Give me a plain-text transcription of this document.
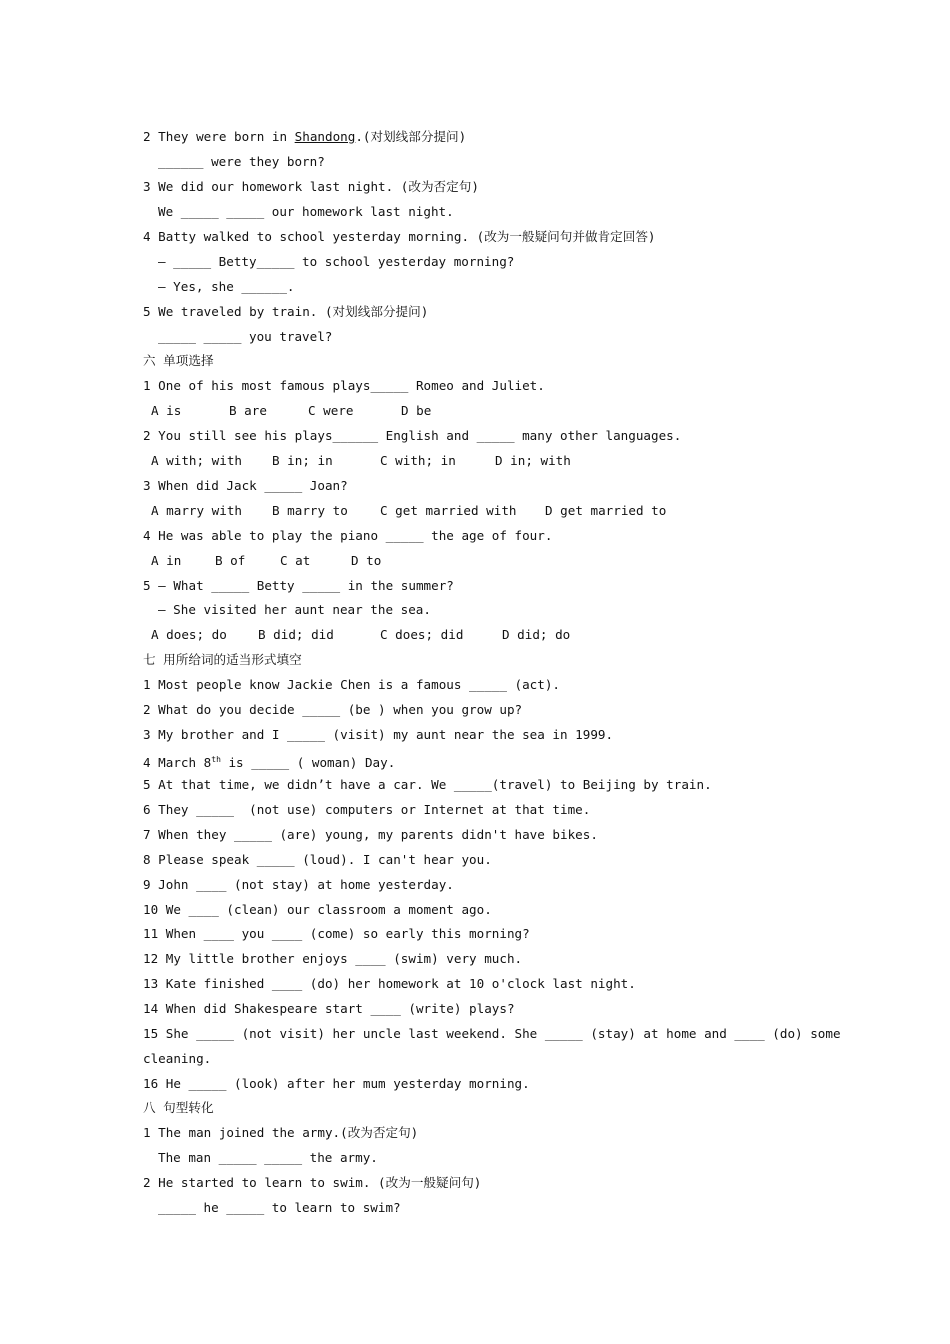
2 They were born in Shandong.(对划线部分提问)
______ were they born?
3 We did our homework last night. (改为否定句)
We _____ _____ our homework last night.
4 Batty walked to school yesterday morning. (改为一般疑问句并做肯定回答)
— _____ Betty_____ to school yesterday morning?
— Yes, she ______.
5 We traveled by train. (对划线部分提问)
_____ _____ you travel?
六 单项选择
1 One of his most famous plays_____ Romeo and Juliet.
A is	B are	C were	D be
2 You still see his plays______ English and _____ many other languages.
A with; with B in; in	C with; in	D in; with
3 When did Jack _____ Joan?
A marry with B marry to	C get married with D get married to
4 He was able to play the piano _____ the age of four.
A in	B of	C at	D to
5 — What _____ Betty _____ in the summer?
— She visited her aunt near the sea.
A does; do B did; did	C does; did	D did; do
七 用所给词的适当形式填空
1 Most people know Jackie Chen is a famous _____ (act).
2 What do you decide _____ (be ) when you grow up?
3 My brother and I _____ (visit) my aunt near the sea in 1999.
4 March 8th is _____ ( woman) Day.
5 At that time, we didn’t have a car. We _____(travel) to Beijing by train.
6 They _____  (not use) computers or Internet at that time.
7 When they _____ (are) young, my parents didn't have bikes.
8 Please speak _____ (loud). I can't hear you.
9 John ____ (not stay) at home yesterday.
10 We ____ (clean) our classroom a moment ago.
11 When ____ you ____ (come) so early this morning?
12 My little brother enjoys ____ (swim) very much.
13 Kate finished ____ (do) her homework at 10 o'clock last night.
14 When did Shakespeare start ____ (write) plays?
15 She _____ (not visit) her uncle last weekend. She _____ (stay) at home and ____ (do) some
cleaning.
16 He _____ (look) after her mum yesterday morning.
八 句型转化
1 The man joined the army.(改为否定句)
The man _____ _____ the army.
2 He started to learn to swim. (改为一般疑问句)
_____ he _____ to learn to swim?
